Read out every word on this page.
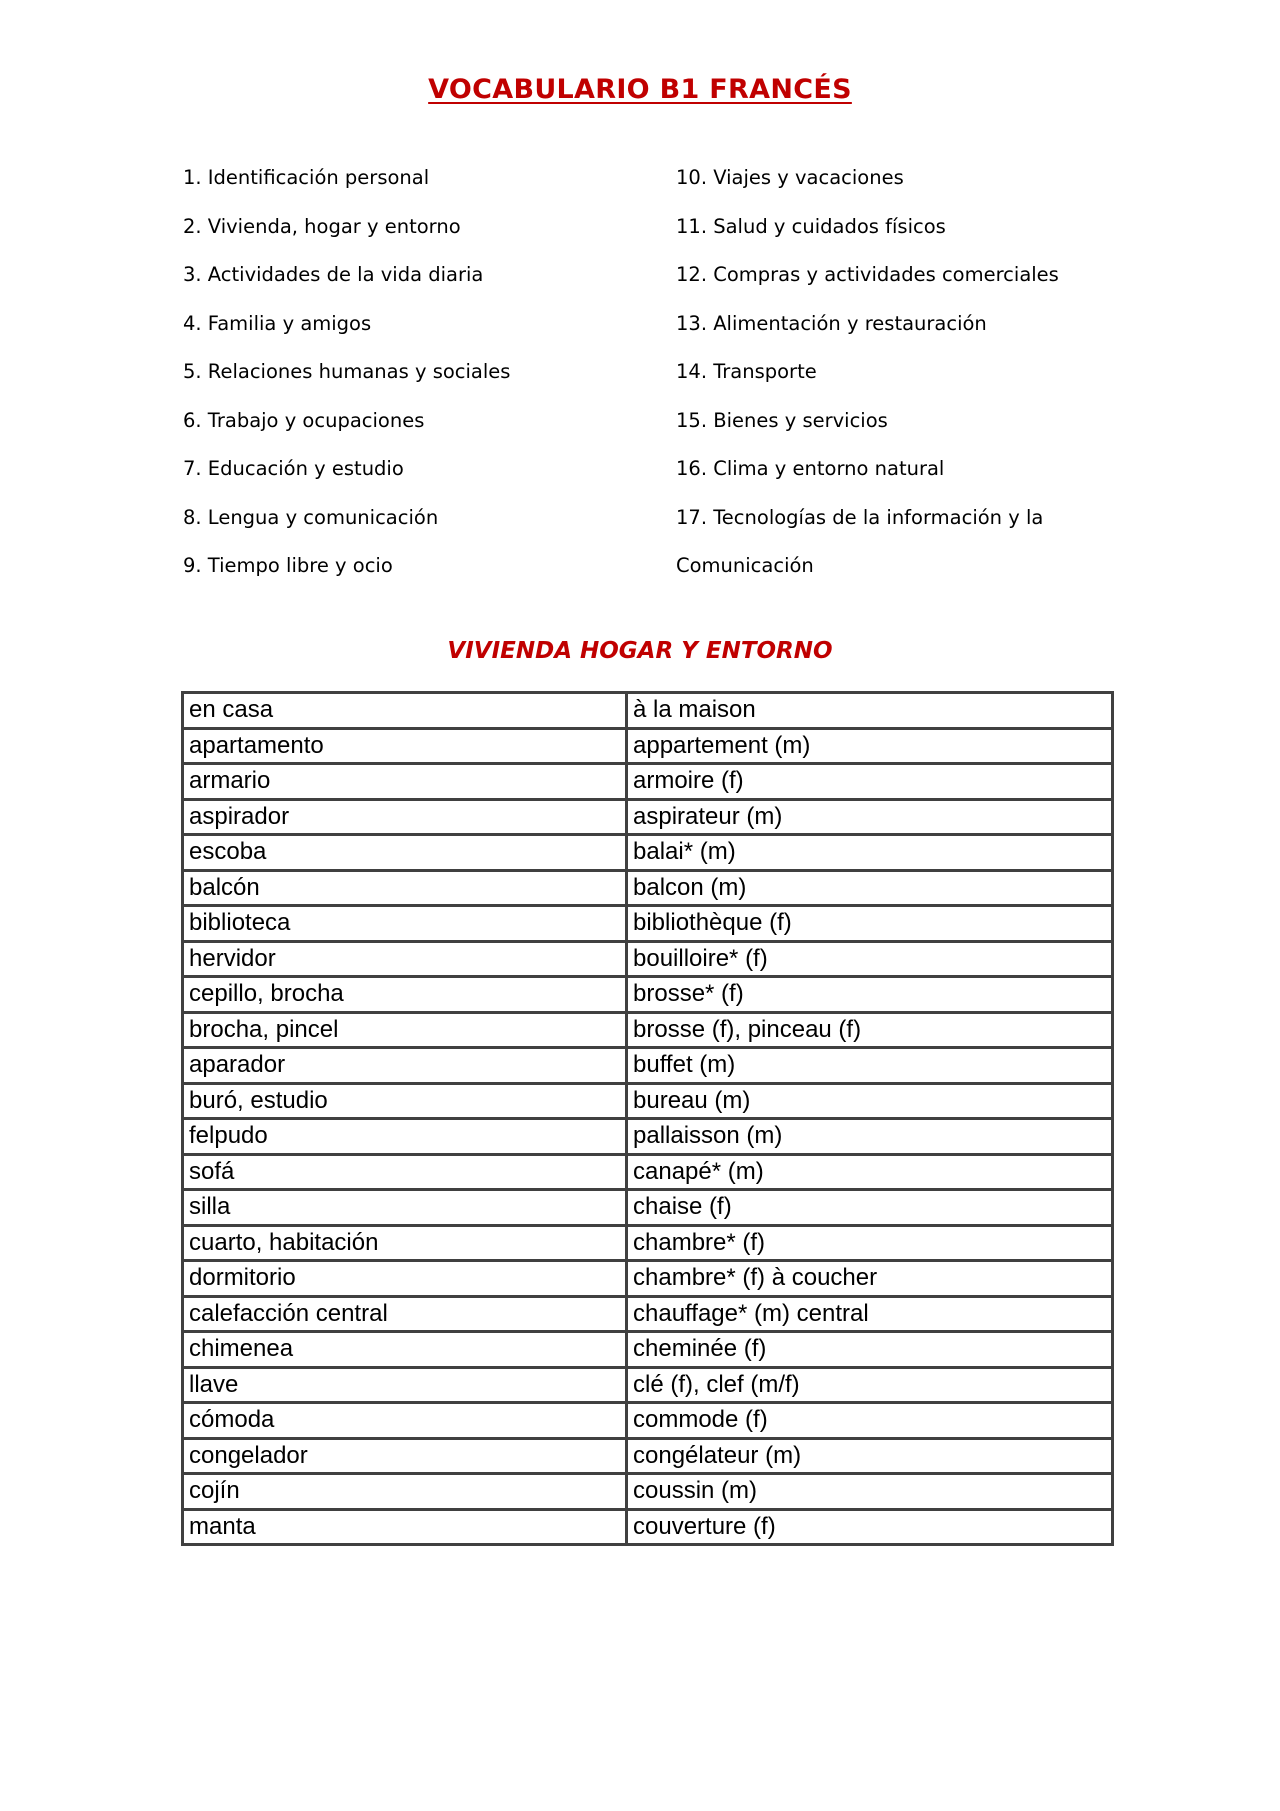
VOCABULARIO B1 FRANCÉS
1. Identificación personal
2. Vivienda, hogar y entorno
3. Actividades de la vida diaria
4. Familia y amigos
5. Relaciones humanas y sociales
6. Trabajo y ocupaciones
7. Educación y estudio
8. Lengua y comunicación
9. Tiempo libre y ocio
10. Viajes y vacaciones
11. Salud y cuidados físicos
12. Compras y actividades comerciales
13. Alimentación y restauración
14. Transporte
15. Bienes y servicios
16. Clima y entorno natural
17. Tecnologías de la información y la
Comunicación
VIVIENDA HOGAR Y ENTORNO
en casa	à la maison
apartamento	appartement (m)
armario	armoire (f)
aspirador	aspirateur (m)
escoba	balai* (m)
balcón	balcon (m)
biblioteca	bibliothèque (f)
hervidor	bouilloire* (f)
cepillo, brocha	brosse* (f)
brocha, pincel	brosse (f), pinceau (f)
aparador	buffet (m)
buró, estudio	bureau (m)
felpudo	pallaisson (m)
sofá	canapé* (m)
silla	chaise (f)
cuarto, habitación	chambre* (f)
dormitorio	chambre* (f) à coucher
calefacción central	chauffage* (m) central
chimenea	cheminée (f)
llave	clé (f), clef (m/f)
cómoda	commode (f)
congelador	congélateur (m)
cojín	coussin (m)
manta	couverture (f)
